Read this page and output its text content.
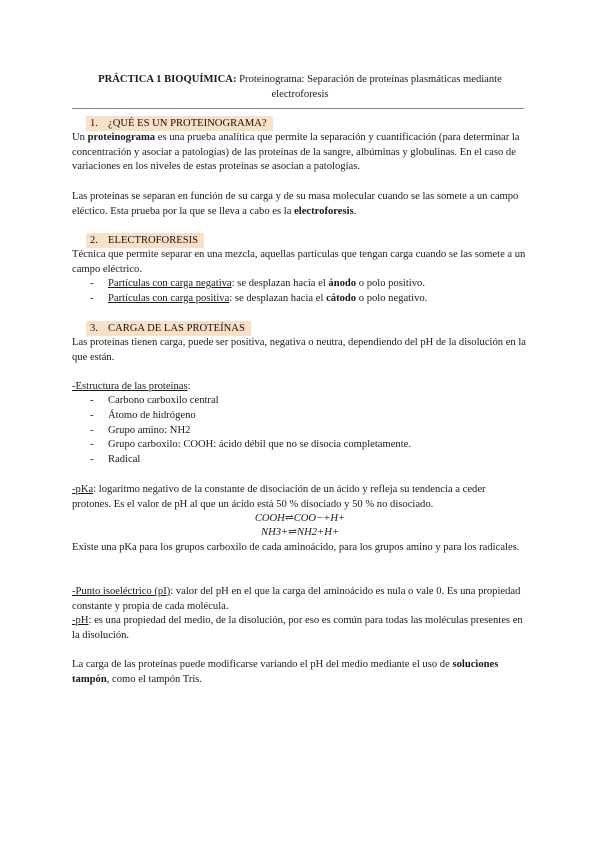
PRÁCTICA 1 BIOQUÍMICA: Proteinograma: Separación de proteínas plasmáticas mediante
electroforesis
1. ¿QUÉ ES UN PROTEINOGRAMA?

Un proteinograma es una prueba analítica que permite la separación y cuantificación (para determinar la concentración y asociar a patologías) de las proteínas de la sangre, albúminas y globulinas. En el caso de variaciones en los niveles de estas proteínas se asocian a patologías.

Las proteínas se separan en función de su carga y de su masa molecular cuando se las somete a un campo eléctico. Esta prueba por la que se lleva a cabo es la electroforesis.

2. ELECTROFORESIS

Técnica que permite separar en una mezcla, aquellas partículas que tengan carga cuando se las somete a un campo eléctrico.

- Partículas con carga negativa: se desplazan hacia el ánodo o polo positivo.
- Partículas con carga positiva: se desplazan hacia el cátodo o polo negativo.
3. CARGA DE LAS PROTEÍNAS

Las proteínas tienen carga, puede ser positiva, negativa o neutra, dependiendo del pH de la disolución en la que están.

-Estructura de las proteínas:
- Carbono carboxilo central
- Átomo de hidrógeno
- Grupo amino: NH2
- Grupo carboxilo: COOH: ácido débil que no se disocia completamente.
- Radical

-pKa: logaritmo negativo de la constante de disociación de un ácido y refleja su tendencia a ceder protones. Es el valor de pH al que un ácido está 50 % disociado y 50 % no disociado.

COOH⇌COO−+H+
NH3+⇌NH2+H+

Existe una pKa para los grupos carboxilo de cada aminoácido, para los grupos amino y para los radicales.

-Punto isoeléctrico (pI): valor del pH en el que la carga del aminoácido es nula o vale 0. Es una propiedad constante y propia de cada molécula.

-pH: es una propiedad del medio, de la disolución, por eso es común para todas las moléculas presentes en la disolución.

La carga de las proteínas puede modificarse variando el pH del medio mediante el uso de soluciones tampón, como el tampón Tris.
